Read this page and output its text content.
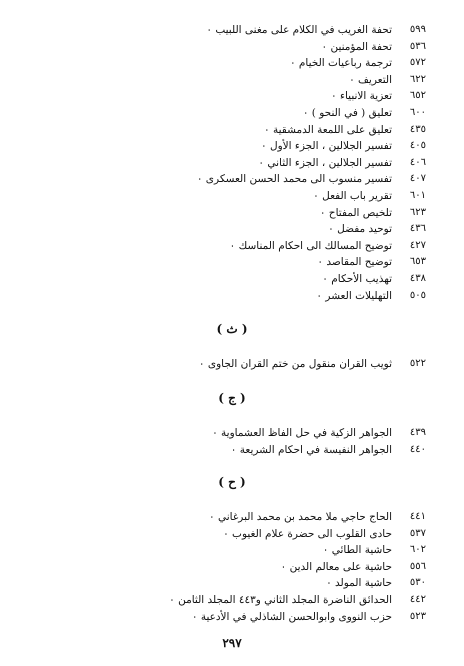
٥٩٩
تحفة الغريب في الكلام على مغنى اللبيب ٠
٥٣٦
تحفة المؤمنين ٠
٥٧٢
ترجمة رباعيات الخيام ٠
٦٢٢
التعريف ٠
٦٥٢
تعزية الانبياء ٠
٦٠٠
تعليق ( في النحو ) ٠
٤٣٥
تعليق على اللمعة الدمشقية ٠
٤٠٥
تفسير الجلالين ، الجزء الأول ٠
٤٠٦
تفسير الجلالين ، الجزء الثاني ٠
٤٠٧
تفسير منسوب الى محمد الحسن العسكرى ٠
٦٠١
تقرير باب الفعل ٠
٦٢٣
تلخيص المفتاح ٠
٤٣٦
توحيد مفضل ٠
٤٢٧
توضيح المسالك الى احكام المناسك ٠
٦٥٣
توضيح المقاصد ٠
٤٣٨
تهذيب الأحكام ٠
٥٠٥
التهليلات العشر ٠
( ث )
٥٢٢
ثويب القران منقول من ختم القران الجاوى ٠
( ج )
٤٣٩
الجواهر الزكية في حل الفاظ العشماوية ٠
٤٤٠
الجواهر النفيسة في احكام الشريعة ٠
( ح )
٤٤١
الحاج حاجي ملا محمد بن محمد البرغاني ٠
٥٣٧
حادى القلوب الى حضرة علام الغيوب ٠
٦٠٢
حاشية الطائي ٠
٥٥٦
حاشية على معالم الدين ٠
٥٣٠
حاشية المولد ٠
٤٤٢
الحدائق الناضرة المجلد الثاني و٤٤٣ المجلد الثامن ٠
٥٢٣
حزب النووى وابوالحسن الشاذلي في الأدعية ٠
٢٩٧
